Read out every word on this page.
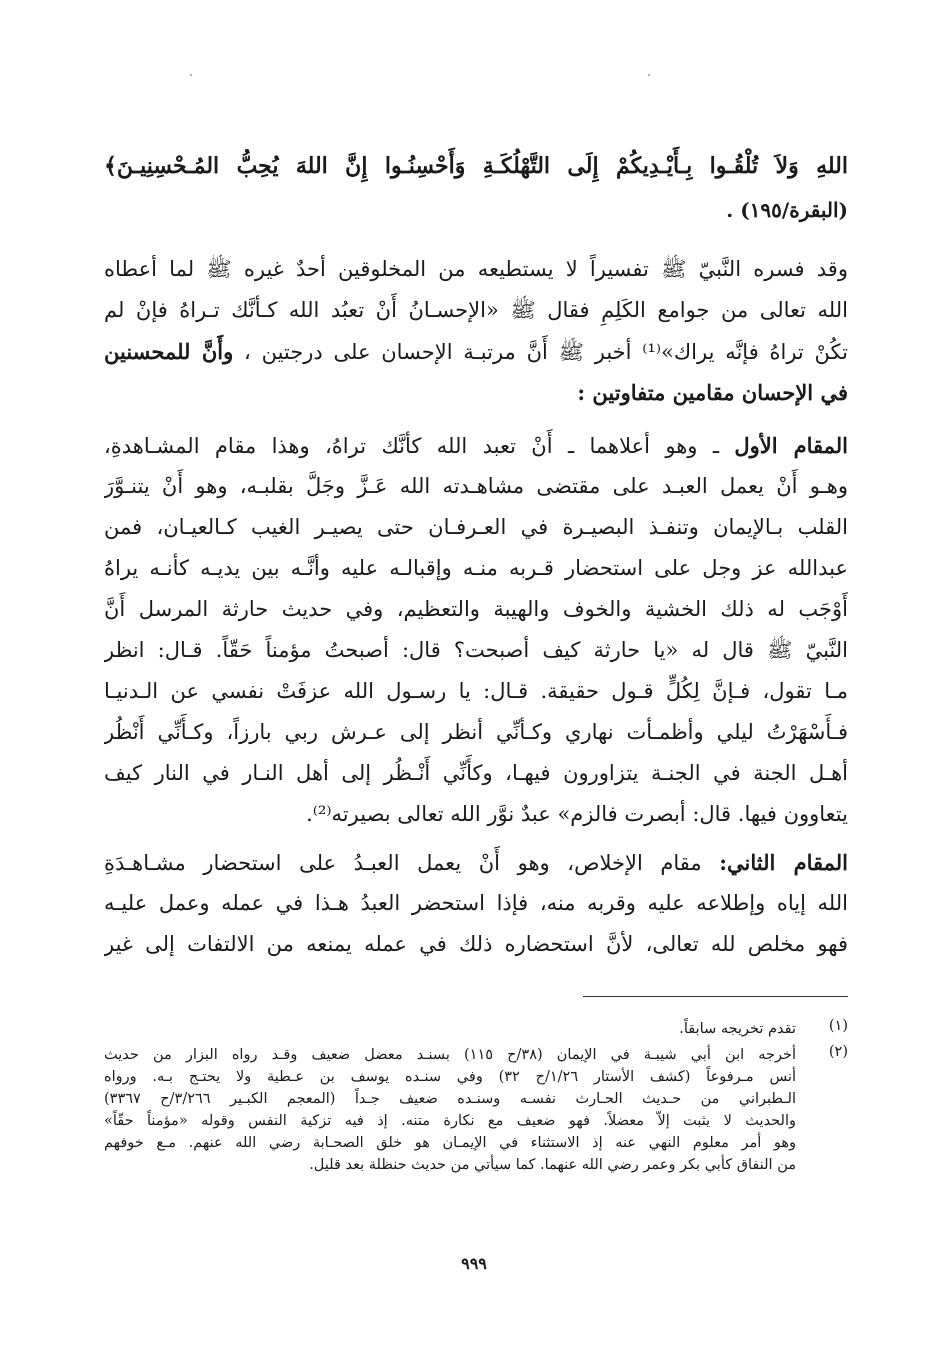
اللهِ وَلاَ تُلْقُـوا بِـأَيْـدِيكُمْ إِلَى التَّهْلُكَـةِ وَأَحْسِنُـوا إِنَّ اللهَ يُحِبُّ المُـحْسِنِيـنَ﴾
(البقرة/١٩٥) .
وقد فسره النَّبيّ ﷺ تفسيراً لا يستطيعه من المخلوقين أحدٌ غيره ﷺ لما أعطاه
الله تعالى من جوامع الكَلِمِ فقال ﷺ «الإحسـانُ أَنْ تعبُد الله كـأنَّك تـراهُ فإنْ لم
تكُنْ تراهُ فإنَّه يراك»⁽¹⁾ أخبر ﷺ أَنَّ مرتبـة الإحسان على درجتين ، وأَنَّ للمحسنين
في الإحسان مقامين متفاوتين :
المقام الأول ـ وهو أعلاهما ـ أَنْ تعبد الله كأنَّك تراهُ، وهذا مقام المشـاهدةِ،
وهـو أَنْ يعمل العبـد على مقتضى مشاهـدته الله عَـزَّ وجَلَّ بقلبـه، وهو أَنْ يتنـوَّرَ
القلب بـالإيمان وتنفـذ البصيـرة في العـرفـان حتى يصيـر الغيب كـالعيـان، فمن
عبدالله عز وجل على استحضار قـربه منـه وإقبالـه عليه وأنَّـه بين يديـه كأنـه يراهُ
أَوْجَب له ذلك الخشية والخوف والهيبة والتعظيم، وفي حديث حارثة المرسل أَنَّ
النَّبيّ ﷺ قال له «يا حارثة كيف أصبحت؟ قال: أصبحتُ مؤمناً حَقّاً. قـال: انظر
مـا تقول، فـإنَّ لِكُلٍّ قـول حقيقة. قـال: يا رسـول الله عزفَتْ نفسي عن الـدنيـا
فـأَسْهَرْتُ ليلي وأظمـأت نهاري وكـأنِّي أنظر إلى عـرش ربي بارزاً، وكـأَنِّي أَنْظُر
أهـل الجنة في الجنـة يتزاورون فيهـا، وكأَنِّي أَنْـظُر إلى أهل النـار في النار كيف
يتعاوون فيها. قال: أبصرت فالزم» عبدٌ نوَّر الله تعالى بصيرته⁽²⁾.
المقام الثاني: مقام الإخلاص، وهو أَنْ يعمل العبـدُ على استحضار مشـاهـدَةِ
الله إياه وإطلاعه عليه وقربه منه، فإذا استحضر العبدُ هـذا في عمله وعمل عليـه
فهو مخلص لله تعالى، لأنَّ استحضاره ذلك في عمله يمنعه من الالتفات إلى غير
(١)
تقدم تخريجه سابقاً.
(٢)
أخرجه ابن أبي شيبـة في الإيمان (٣٨/ح ١١٥) بسنـد معضل ضعيف وقـد رواه البزار من حديث
أنس مـرفوعاً (كشف الأستار ١/٢٦/ح ٣٢) وفي سنـده يوسف بن عـطية ولا يحتـج بـه. ورواه
الـطبراني من حـديث الحـارث نفسـه وسنـده ضعيف جـداً (المعجم الكبـير ٣/٢٦٦/ح ٣٣٦٧)
والحديث لا يثبت إلاّ معضلاً. فهو ضعيف مع نكارة متنه. إذ فيه تزكية النفس وقوله «مؤمناً حقّاً»
وهو أمر معلوم النهي عنه إذ الاستثناء في الإيمـان هو خلق الصحـابة رضي الله عنهم. مـع خوفهم
من النفاق كأبي بكر وعمر رضي الله عنهما. كما سيأتي من حديث حنظلة بعد قليل.
٩٩٩
